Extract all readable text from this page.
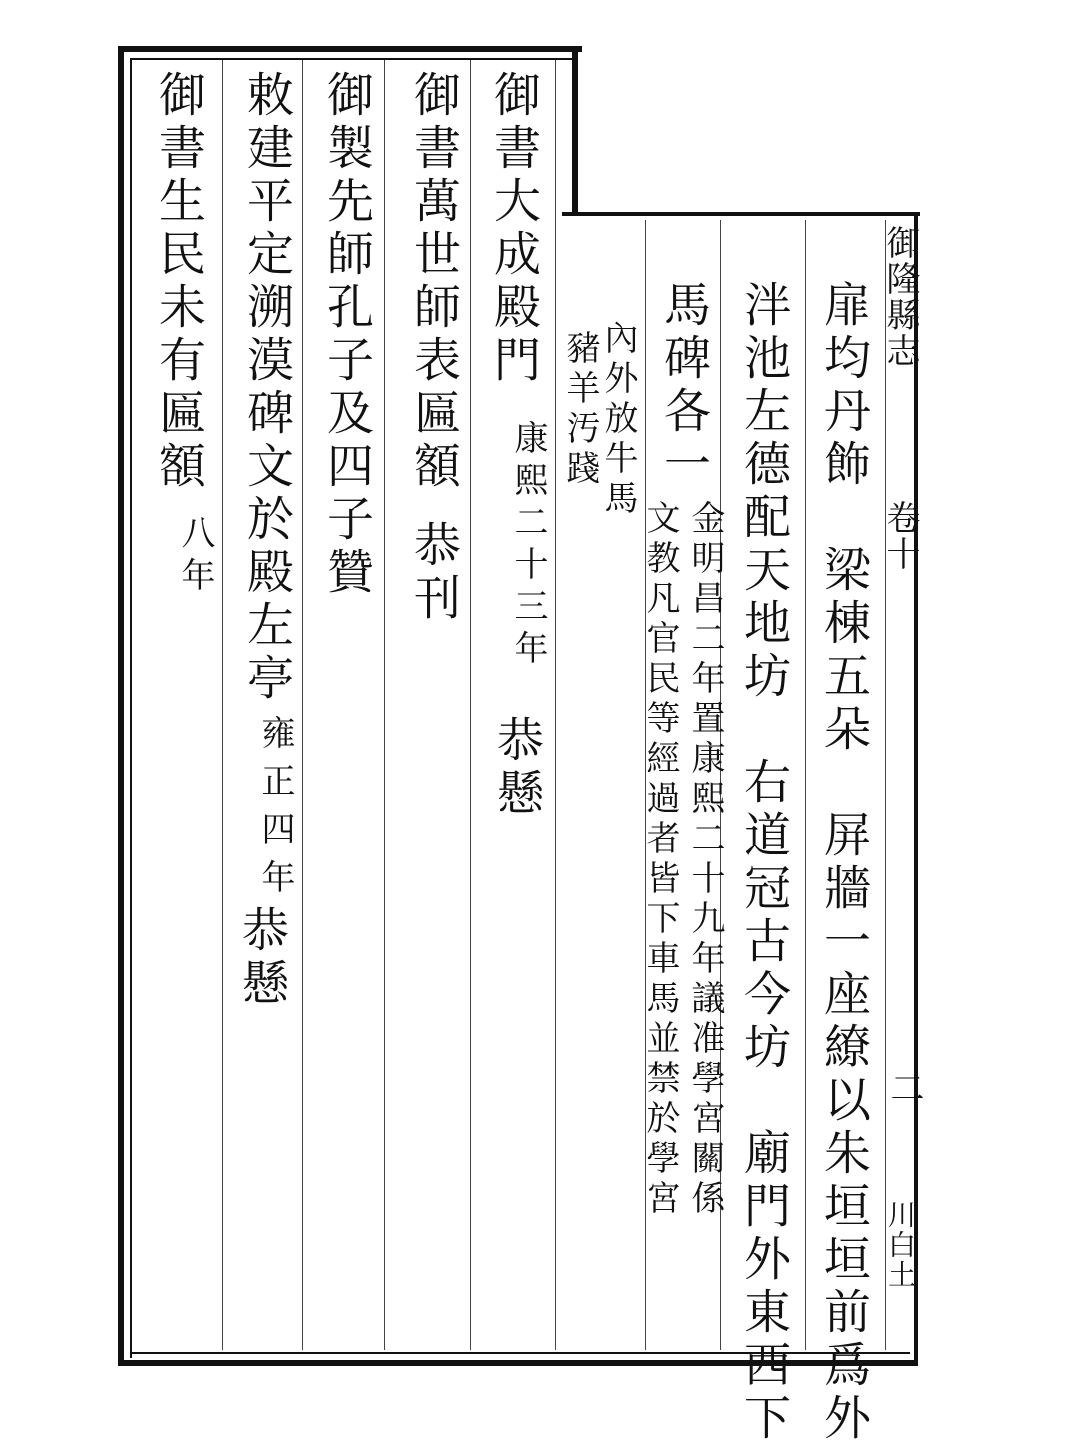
御隆縣志
卷十
二
川白土
扉均丹飾　梁棟五朵　屏牆一座繚以朱垣垣前爲外
泮池左德配天地坊　右道冠古今坊　廟門外東西下
馬碑各一
金明昌二年置康熙二十九年議准學宮關係
文教凡官民等經過者皆下車馬並禁於學宮
御書大成殿門
康熙二十三年
恭懸
內外放牛馬
豬羊汚踐
御書萬世師表匾額
恭刊
御製先師孔子及四子贊
敕建平定溯漠碑文於殿左亭
雍正四年
恭懸
御書生民未有匾額
八年
